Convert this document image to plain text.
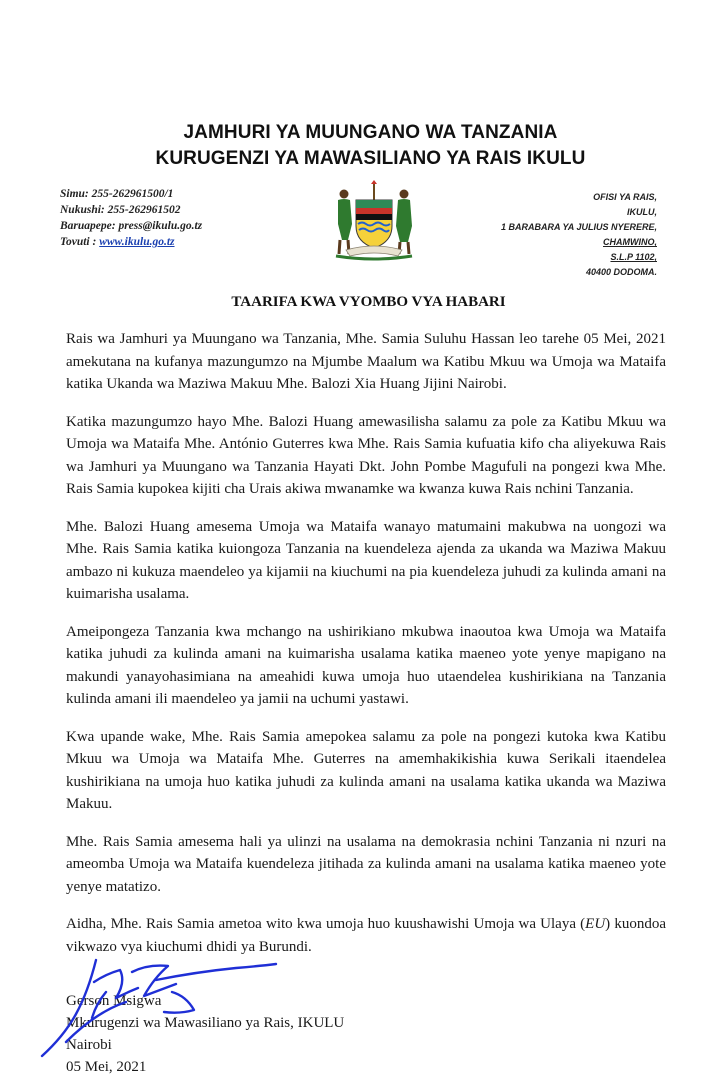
JAMHURI YA MUUNGANO WA TANZANIA
KURUGENZI YA MAWASILIANO YA RAIS IKULU
Simu: 255-262961500/1
Nukushi: 255-262961502
Baruapepe: press@ikulu.go.tz
Tovuti : www.ikulu.go.tz
OFISI YA RAIS,
IKULU,
1 BARABARA YA JULIUS NYERERE,
CHAMWINO,
S.L.P 1102,
40400 DODOMA.
TAARIFA KWA VYOMBO VYA HABARI

Rais wa Jamhuri ya Muungano wa Tanzania, Mhe. Samia Suluhu Hassan leo tarehe 05 Mei, 2021 amekutana na kufanya mazungumzo na Mjumbe Maalum wa Katibu Mkuu wa Umoja wa Mataifa katika Ukanda wa Maziwa Makuu Mhe. Balozi Xia Huang Jijini Nairobi.

Katika mazungumzo hayo Mhe. Balozi Huang amewasilisha salamu za pole za Katibu Mkuu wa Umoja wa Mataifa Mhe. António Guterres kwa Mhe. Rais Samia kufuatia kifo cha aliyekuwa Rais wa Jamhuri ya Muungano wa Tanzania Hayati Dkt. John Pombe Magufuli na pongezi kwa Mhe. Rais Samia kupokea kijiti cha Urais akiwa mwanamke wa kwanza kuwa Rais nchini Tanzania.

Mhe. Balozi Huang amesema Umoja wa Mataifa wanayo matumaini makubwa na uongozi wa Mhe. Rais Samia katika kuiongoza Tanzania na kuendeleza ajenda za ukanda wa Maziwa Makuu ambazo ni kukuza maendeleo ya kijamii na kiuchumi na pia kuendeleza juhudi za kulinda amani na kuimarisha usalama.

Ameipongeza Tanzania kwa mchango na ushirikiano mkubwa inaoutoa kwa Umoja wa Mataifa katika juhudi za kulinda amani na kuimarisha usalama katika maeneo yote yenye mapigano na makundi yanayohasimiana na ameahidi kuwa umoja huo utaendelea kushirikiana na Tanzania kulinda amani ili maendeleo ya jamii na uchumi yastawi.

Kwa upande wake, Mhe. Rais Samia amepokea salamu za pole na pongezi kutoka kwa Katibu Mkuu wa Umoja wa Mataifa Mhe. Guterres na amemhakikishia kuwa Serikali itaendelea kushirikiana na umoja huo katika juhudi za kulinda amani na usalama katika ukanda wa Maziwa Makuu.

Mhe. Rais Samia amesema hali ya ulinzi na usalama na demokrasia nchini Tanzania ni nzuri na ameomba Umoja wa Mataifa kuendeleza jitihada za kulinda amani na usalama katika maeneo yote yenye matatizo.

Aidha, Mhe. Rais Samia ametoa wito kwa umoja huo kuushawishi Umoja wa Ulaya (EU) kuondoa vikwazo vya kiuchumi dhidi ya Burundi.

Gerson Msigwa
Mkurugenzi wa Mawasiliano ya Rais, IKULU
Nairobi
05 Mei, 2021
